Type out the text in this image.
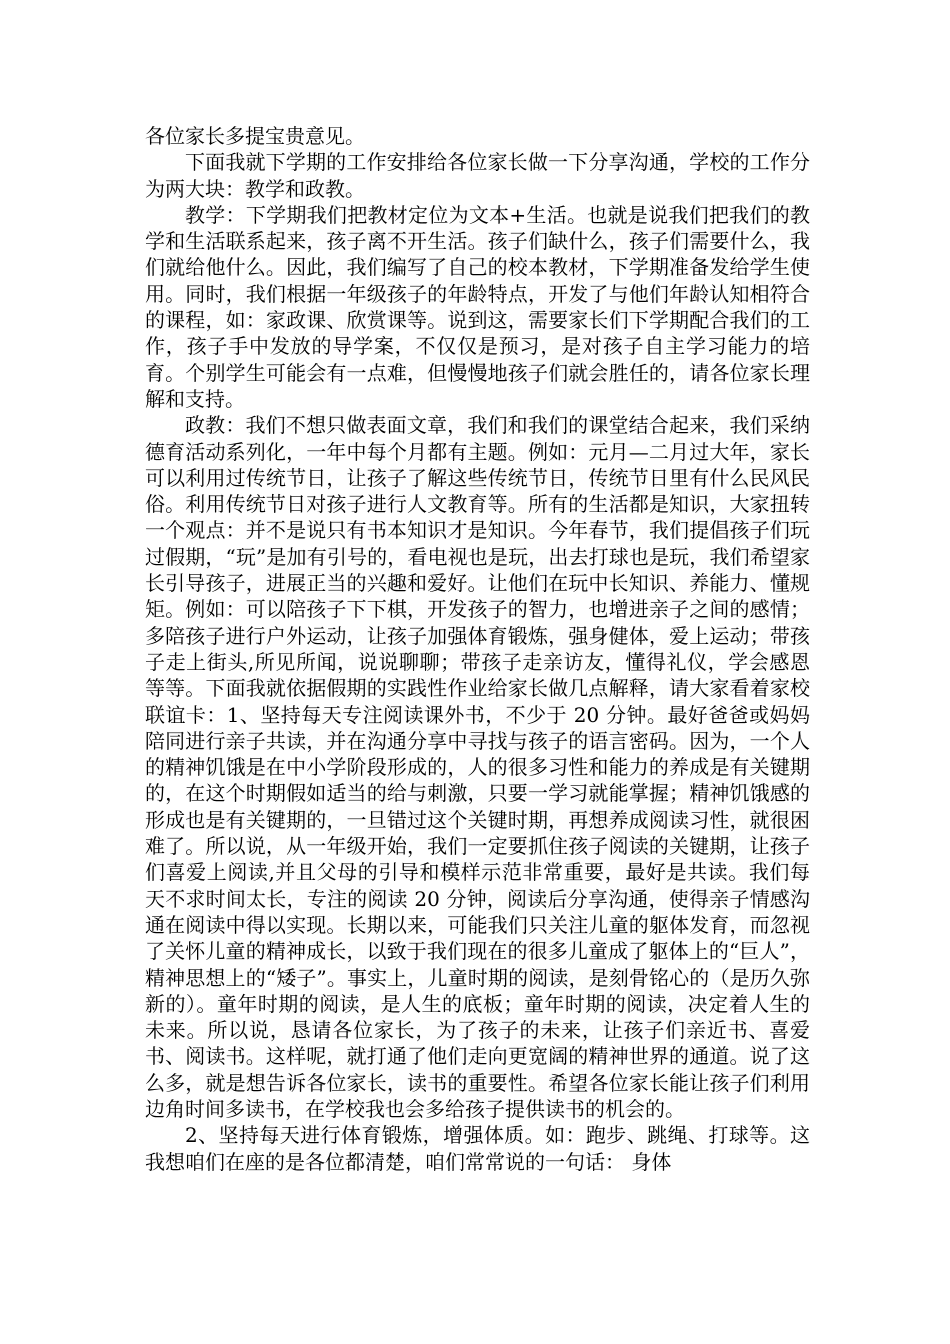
各位家长多提宝贵意见。

下面我就下学期的工作安排给各位家长做一下分享沟通，学校的工作分为两大块：教学和政教。

教学：下学期我们把教材定位为文本+生活。也就是说我们把我们的教学和生活联系起来，孩子离不开生活。孩子们缺什么，孩子们需要什么，我们就给他什么。因此，我们编写了自己的校本教材，下学期准备发给学生使用。同时，我们根据一年级孩子的年龄特点，开发了与他们年龄认知相符合的课程，如：家政课、欣赏课等。说到这，需要家长们下学期配合我们的工作，孩子手中发放的导学案，不仅仅是预习，是对孩子自主学习能力的培育。个别学生可能会有一点难，但慢慢地孩子们就会胜任的，请各位家长理解和支持。

政教：我们不想只做表面文章，我们和我们的课堂结合起来，我们采纳德育活动系列化，一年中每个月都有主题。例如：元月—二月过大年，家长可以利用过传统节日，让孩子了解这些传统节日，传统节日里有什么民风民俗。利用传统节日对孩子进行人文教育等。所有的生活都是知识，大家扭转一个观点：并不是说只有书本知识才是知识。今年春节，我们提倡孩子们玩过假期，“玩”是加有引号的，看电视也是玩，出去打球也是玩，我们希望家长引导孩子，进展正当的兴趣和爱好。让他们在玩中长知识、养能力、懂规矩。例如：可以陪孩子下下棋，开发孩子的智力，也增进亲子之间的感情；多陪孩子进行户外运动，让孩子加强体育锻炼，强身健体，爱上运动；带孩子走上街头,所见所闻，说说聊聊；带孩子走亲访友，懂得礼仪，学会感恩等等。下面我就依据假期的实践性作业给家长做几点解释，请大家看着家校联谊卡：1、坚持每天专注阅读课外书，不少于 20 分钟。最好爸爸或妈妈陪同进行亲子共读，并在沟通分享中寻找与孩子的语言密码。因为，一个人的精神饥饿是在中小学阶段形成的，人的很多习性和能力的养成是有关键期的，在这个时期假如适当的给与刺激，只要一学习就能掌握；精神饥饿感的形成也是有关键期的，一旦错过这个关键时期，再想养成阅读习性，就很困难了。所以说，从一年级开始，我们一定要抓住孩子阅读的关键期，让孩子们喜爱上阅读,并且父母的引导和模样示范非常重要，最好是共读。我们每天不求时间太长，专注的阅读 20 分钟，阅读后分享沟通，使得亲子情感沟通在阅读中得以实现。长期以来，可能我们只关注儿童的躯体发育，而忽视了关怀儿童的精神成长，以致于我们现在的很多儿童成了躯体上的“巨人”，精神思想上的“矮子”。事实上，儿童时期的阅读，是刻骨铭心的（是历久弥新的）。童年时期的阅读，是人生的底板；童年时期的阅读，决定着人生的未来。所以说，恳请各位家长，为了孩子的未来，让孩子们亲近书、喜爱书、阅读书。这样呢，就打通了他们走向更宽阔的精神世界的通道。说了这么多，就是想告诉各位家长，读书的重要性。希望各位家长能让孩子们利用边角时间多读书，在学校我也会多给孩子提供读书的机会的。

2、坚持每天进行体育锻炼，增强体质。如：跑步、跳绳、打球等。这我想咱们在座的是各位都清楚，咱们常常说的一句话： 身体
